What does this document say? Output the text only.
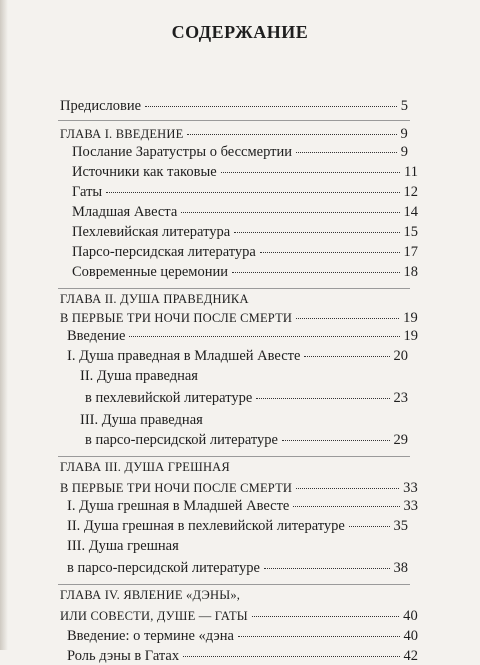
СОДЕРЖАНИЕ
Предисловие	5
ГЛАВА I. ВВЕДЕНИЕ	9
Послание Заратустры о бессмертии	9
Источники как таковые	11
Гаты	12
Младшая Авеста	14
Пехлевийская литература	15
Парсо-персидская литература	17
Современные церемонии	18
ГЛАВА II. ДУША ПРАВЕДНИКА
В ПЕРВЫЕ ТРИ НОЧИ ПОСЛЕ СМЕРТИ	19
Введение	19
I. Душа праведная в Младшей Авесте	20
II. Душа праведная
в пехлевийской литературе	23
III. Душа праведная
в парсо-персидской литературе	29
ГЛАВА III. ДУША ГРЕШНАЯ
В ПЕРВЫЕ ТРИ НОЧИ ПОСЛЕ СМЕРТИ	33
I. Душа грешная в Младшей Авесте	33
II. Душа грешная в пехлевийской литературе	35
III. Душа грешная
в парсо-персидской литературе	38
ГЛАВА IV. ЯВЛЕНИЕ «ДЭНЫ»,
ИЛИ СОВЕСТИ, ДУШЕ — ГАТЫ	40
Введение: о термине «дэна	40
Роль дэны в Гатах	42
